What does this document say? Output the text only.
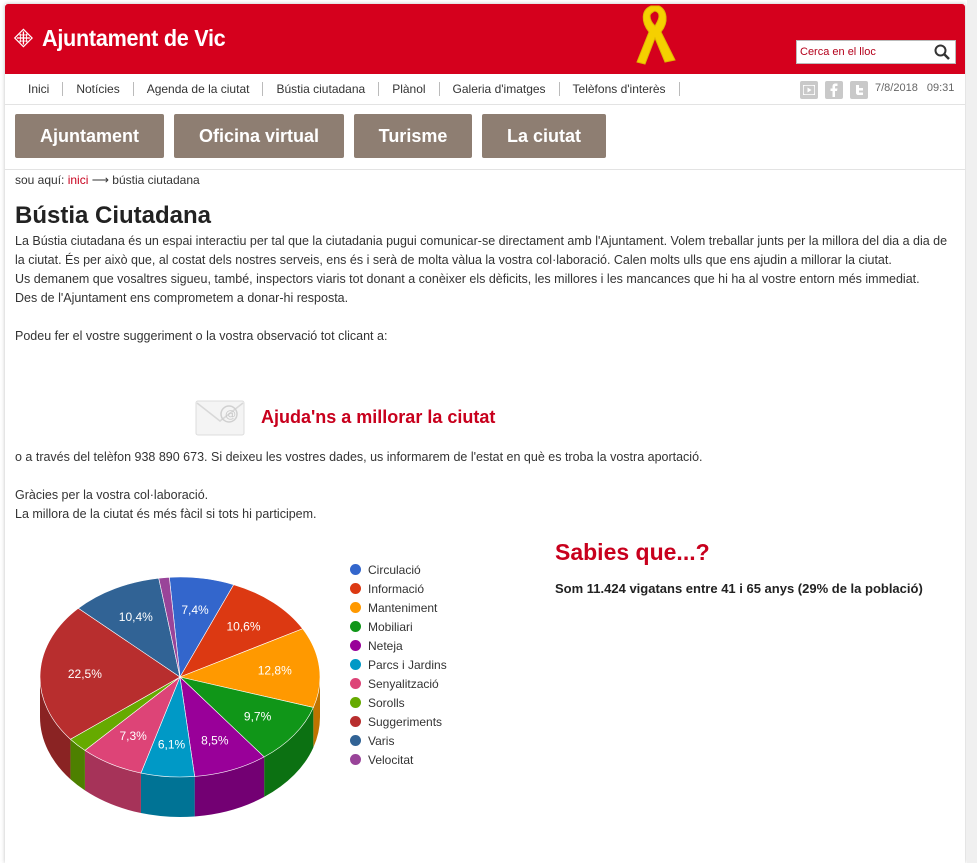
Ajuntament de Vic
Cerca en el lloc
Inici	Notícies	Agenda de la ciutat	Bústia ciutadana	Plànol	Galeria d'imatges	Telèfons d'interès	7/8/2018 09:31
Ajuntament	Oficina virtual	Turisme	La ciutat
sou aquí: inici ⟶ bústia ciutadana
Bústia Ciutadana

La Bústia ciutadana és un espai interactiu per tal que la ciutadania pugui comunicar-se directament amb l'Ajuntament. Volem treballar junts per la millora del dia a dia de la ciutat. És per això que, al costat dels nostres serveis, ens és i serà de molta vàlua la vostra col·laboració. Calen molts ulls que ens ajudin a millorar la ciutat.

Us demanem que vosaltres sigueu, també, inspectors viaris tot donant a conèixer els dèficits, les millores i les mancances que hi ha al vostre entorn més immediat.

Des de l'Ajuntament ens comprometem a donar-hi resposta.

Podeu fer el vostre suggeriment o la vostra observació tot clicant a:

@ Ajuda'ns a millorar la ciutat

o a través del telèfon 938 890 673. Si deixeu les vostres dades, us informarem de l'estat en què es troba la vostra aportació.

Gràcies per la vostra col·laboració.

La millora de la ciutat és més fàcil si tots hi participem.

7,4%
10,6%
12,8%
9,7%
8,5%
6,1%
7,3%
22,5%
10,4%
Circulació
Informació
Manteniment
Mobiliari
Neteja
Parcs i Jardins
Senyalització
Sorolls
Suggeriments
Varis
Velocitat
Sabies que...?
Som 11.424 vigatans entre 41 i 65 anys (29% de la població)
